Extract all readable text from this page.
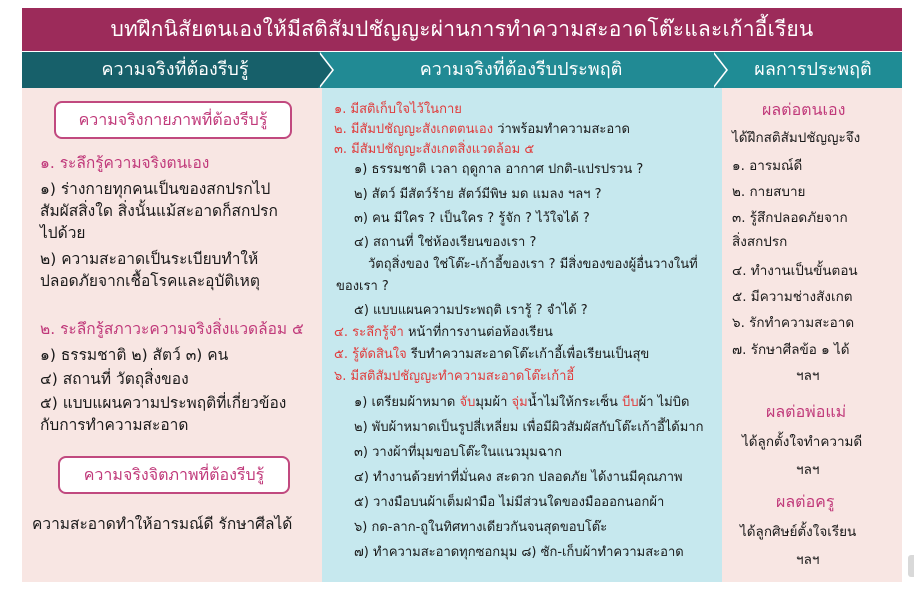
บทฝึกนิสัยตนเองให้มีสติสัมปชัญญะผ่านการทำความสะอาดโต๊ะและเก้าอี้เรียน
ความจริงที่ต้องรีบรู้	ความจริงที่ต้องรีบประพฤติ	ผลการประพฤติ
ความจริงกายภาพที่ต้องรีบรู้
๑. ระลึกรู้ความจริงตนเอง
๑) ร่างกายทุกคนเป็นของสกปรกไป
สัมผัสสิ่งใด สิ่งนั้นแม้สะอาดก็สกปรก
ไปด้วย
๒) ความสะอาดเป็นระเบียบทำให้
ปลอดภัยจากเชื้อโรคและอุบัติเหตุ
๒. ระลึกรู้สภาวะความจริงสิ่งแวดล้อม ๕
๑) ธรรมชาติ ๒) สัตว์ ๓) คน
๔) สถานที่ วัตถุสิ่งของ
๕) แบบแผนความประพฤติที่เกี่ยวข้อง
กับการทำความสะอาด
ความจริงจิตภาพที่ต้องรีบรู้
ความสะอาดทำให้อารมณ์ดี รักษาศีลได้
๑. มีสติเก็บใจไว้ในกาย
๒. มีสัมปชัญญะสังเกตตนเอง ว่าพร้อมทำความสะอาด
๓. มีสัมปชัญญะสังเกตสิ่งแวดล้อม ๕
๑) ธรรมชาติ เวลา ฤดูกาล อากาศ ปกติ-แปรปรวน ?
๒) สัตว์ มีสัตว์ร้าย สัตว์มีพิษ มด แมลง ฯลฯ ?
๓) คน มีใคร ? เป็นใคร ? รู้จัก ? ไว้ใจได้ ?
๔) สถานที่ ใช่ห้องเรียนของเรา ?
วัตถุสิ่งของ ใช่โต๊ะ-เก้าอี้ของเรา ? มีสิ่งของของผู้อื่นวางในที่
ของเรา ?
๕) แบบแผนความประพฤติ เรารู้ ? จำได้ ?
๔. ระลึกรู้จำ หน้าที่การงานต่อห้องเรียน
๕. รู้ตัดสินใจ รีบทำความสะอาดโต๊ะเก้าอี้เพื่อเรียนเป็นสุข
๖. มีสติสัมปชัญญะทำความสะอาดโต๊ะเก้าอี้
๑) เตรียมผ้าหมาด จับมุมผ้า จุ่มน้ำไม่ให้กระเซ็น บีบผ้า ไม่บิด
๒) พับผ้าหมาดเป็นรูปสี่เหลี่ยม เพื่อมีผิวสัมผัสกับโต๊ะเก้าอี้ได้มาก
๓) วางผ้าที่มุมขอบโต๊ะในแนวมุมฉาก
๔) ทำงานด้วยท่าที่มั่นคง สะดวก ปลอดภัย ได้งานมีคุณภาพ
๕) วางมือบนผ้าเต็มฝ่ามือ ไม่มีส่วนใดของมือออกนอกผ้า
๖) กด-ลาก-ถูในทิศทางเดียวกันจนสุดขอบโต๊ะ
๗) ทำความสะอาดทุกซอกมุม ๘) ซัก-เก็บผ้าทำความสะอาด
ผลต่อตนเอง
ได้ฝึกสติสัมปชัญญะจึง
๑. อารมณ์ดี
๒. กายสบาย
๓. รู้สึกปลอดภัยจาก
สิ่งสกปรก
๔. ทำงานเป็นขั้นตอน
๕. มีความช่างสังเกต
๖. รักทำความสะอาด
๗. รักษาศีลข้อ ๑ ได้
ฯลฯ
ผลต่อพ่อแม่
ได้ลูกตั้งใจทำความดี
ฯลฯ
ผลต่อครู
ได้ลูกศิษย์ตั้งใจเรียน
ฯลฯ
